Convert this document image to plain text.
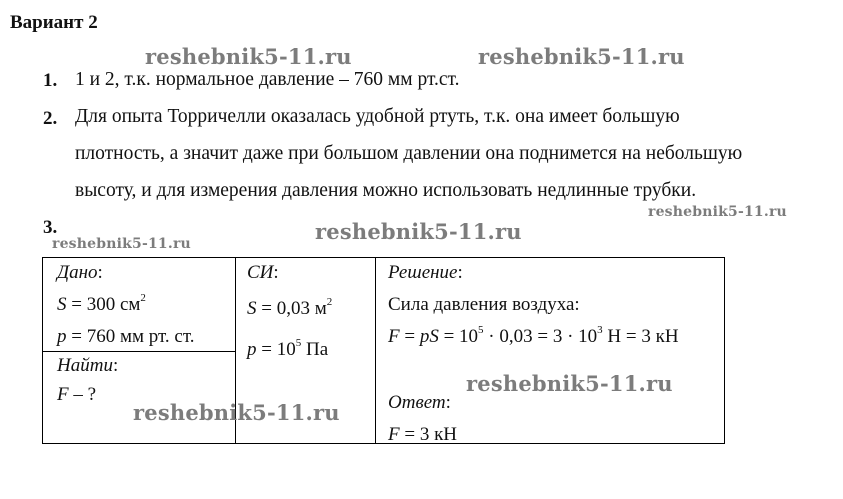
Вариант 2
1. 1 и 2, т.к. нормальное давление – 760 мм рт.ст.
2. Для опыта Торричелли оказалась удобной ртуть, т.к. она имеет большую
плотность, а значит даже при большом давлении она поднимется на небольшую
высоту, и для измерения давления можно использовать недлинные трубки.
3.
Дано:
S = 300 $см^2$
p = 760 мм рт. ст.
Найти:
F – ?
СИ:
S = 0,03 $м^2$
$p = 10^5$ Па
Решение:
Сила давления воздуха:
F = pS = $10^5 \cdot 0,03 = 3 \cdot 10^3$ Н = 3 кН
Ответ:
F = 3 кН
reshebnik5-11.ru	reshebnik5-11.ru
reshebnik5-11.ru
reshebnik5-11.ru
reshebnik5-11.ru
reshebnik5-11.ru
reshebnik5-11.ru
